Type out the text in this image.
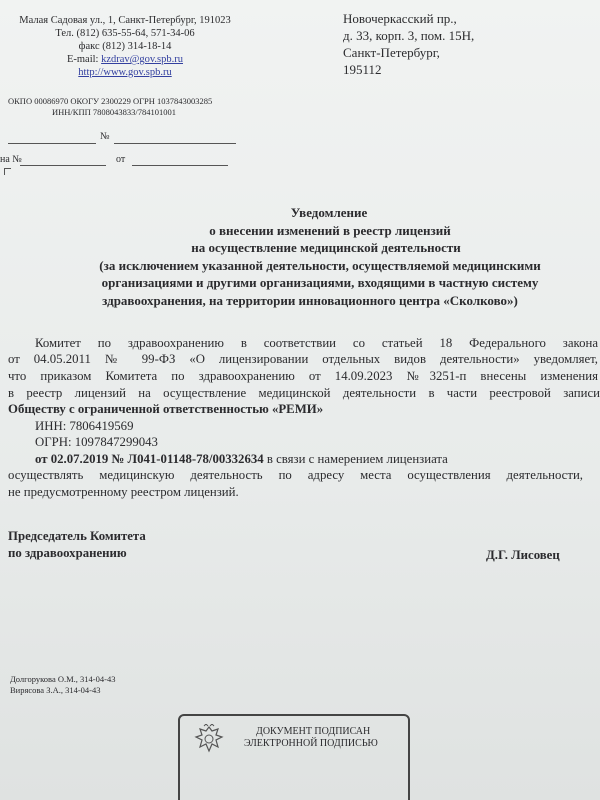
Малая Садовая ул., 1, Санкт-Петербург, 191023
Тел. (812) 635-55-64, 571-34-06
факс (812) 314-18-14
E-mail: kzdrav@gov.spb.ru
http://www.gov.spb.ru
ОКПО 00086970 ОКОГУ 2300229 ОГРН 1037843003285
ИНН/КПП 7808043833/784101001
Новочеркасский пр.,
д. 33, корп. 3, пом. 15Н,
Санкт-Петербург,
195112
№
на №	от
Уведомление
о внесении изменений в реестр лицензий
на осуществление медицинской деятельности
(за исключением указанной деятельности, осуществляемой медицинскими
организациями и другими организациями, входящими в частную систему
здравоохранения, на территории инновационного центра «Сколково»)
Комитет по здравоохранению в соответствии со статьей 18 Федерального закона
от 04.05.2011 № 99-ФЗ «О лицензировании отдельных видов деятельности» уведомляет,
что приказом Комитета по здравоохранению от 14.09.2023 №3251-п внесены изменения
в реестр лицензий на осуществление медицинской деятельности в части реестровой записи
Обществу с ограниченной ответственностью «РЕМИ»
ИНН: 7806419569
ОГРН: 1097847299043
от 02.07.2019 № Л041-01148-78/00332634 в связи с намерением лицензиата
осуществлять медицинскую деятельность по адресу места осуществления деятельности,
не предусмотренному реестром лицензий.
Председатель Комитета
по здравоохранению	Д.Г. Лисовец
Долгорукова О.М., 314-04-43
Вирясова З.А., 314-04-43
ДОКУМЕНТ ПОДПИСАН
ЭЛЕКТРОННОЙ ПОДПИСЬЮ
